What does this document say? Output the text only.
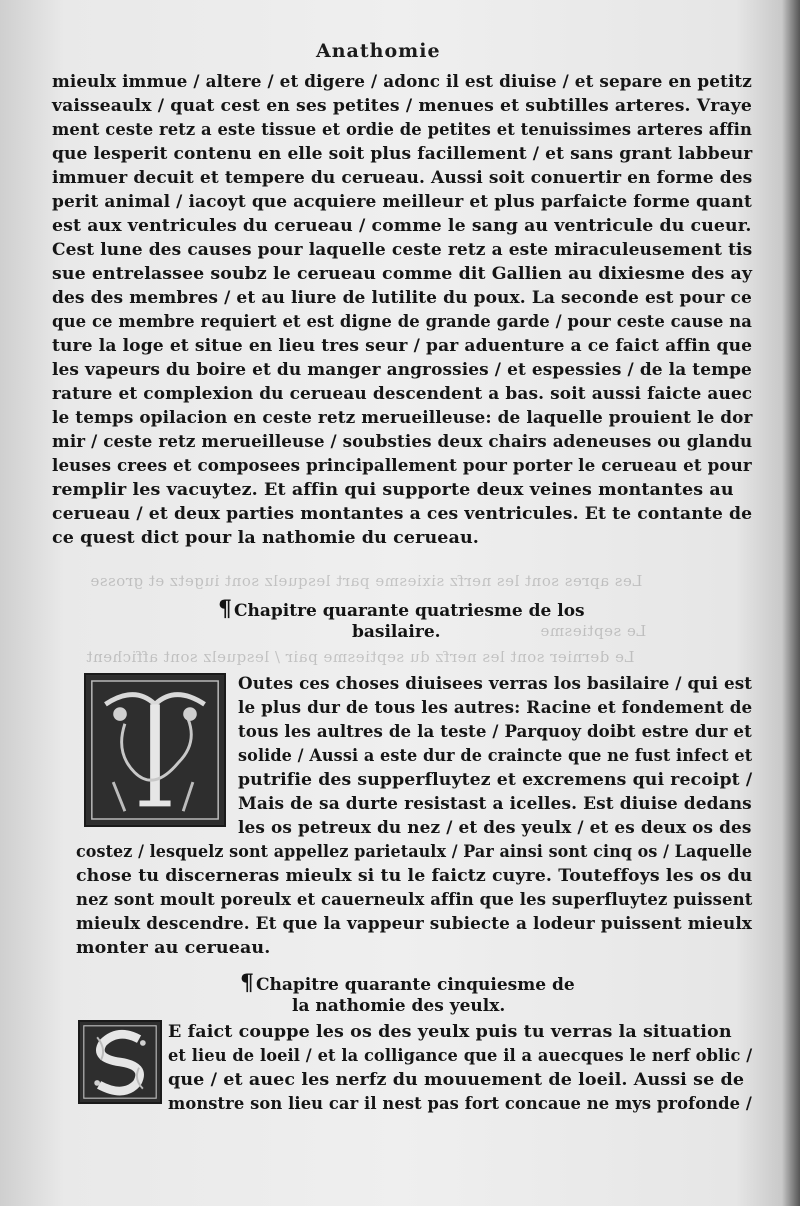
Les apres sont les nerfz sixiesme part lesquelz sont iugetz et grosse
Le septiesme
Le dernier sont les nerfz du septiesme pair / lesquelz sont affichent
Anathomie
mieulx immue / altere / et digere / adonc il est diuise / et separe en petitz
vaisseaulx / quat cest en ses petites / menues et subtilles arteres. Vraye
ment ceste retz a este tissue et ordie de petites et tenuissimes arteres affin
que lesperit contenu en elle soit plus facillement / et sans grant labbeur
immuer decuit et tempere du cerueau. Aussi soit conuertir en forme des
perit animal / iacoyt que acquiere meilleur et plus parfaicte forme quant
est aux ventricules du cerueau / comme le sang au ventricule du cueur.
Cest lune des causes pour laquelle ceste retz a este miraculeusement tis
sue entrelassee soubz le cerueau comme dit Gallien au dixiesme des ay
des des membres / et au liure de lutilite du poux. La seconde est pour ce
que ce membre requiert et est digne de grande garde / pour ceste cause na
ture la loge et situe en lieu tres seur / par aduenture a ce faict affin que
les vapeurs du boire et du manger angrossies / et espessies / de la tempe
rature et complexion du cerueau descendent a bas. soit aussi faicte auec
le temps opilacion en ceste retz merueilleuse: de laquelle prouient le dor
mir / ceste retz merueilleuse / soubsties deux chairs adeneuses ou glandu
leuses crees et composees principallement pour porter le cerueau et pour
remplir les vacuytez. Et affin qui supporte deux veines montantes au
cerueau / et deux parties montantes a ces ventricules. Et te contante de
ce quest dict pour la nathomie du cerueau.
¶ Chapitre quarante quatriesme de los
basilaire.
Outes ces choses diuisees verras los basilaire / qui est
le plus dur de tous les autres: Racine et fondement de
tous les aultres de la teste / Parquoy doibt estre dur et
solide / Aussi a este dur de craincte que ne fust infect et
putrifie des supperfluytez et excremens qui recoipt /
Mais de sa durte resistast a icelles. Est diuise dedans
les os petreux du nez / et des yeulx / et es deux os des
costez / lesquelz sont appellez parietaulx / Par ainsi sont cinq os / Laquelle
chose tu discerneras mieulx si tu le faictz cuyre. Touteffoys les os du
nez sont moult poreulx et cauerneulx affin que les superfluytez puissent
mieulx descendre. Et que la vappeur subiecte a lodeur puissent mieulx
monter au cerueau.
¶ Chapitre quarante cinquiesme de
la nathomie des yeulx.
E faict couppe les os des yeulx puis tu verras la situation
et lieu de loeil / et la colligance que il a auecques le nerf oblic /
que / et auec les nerfz du mouuement de loeil. Aussi se de
monstre son lieu car il nest pas fort concaue ne mys profonde /
